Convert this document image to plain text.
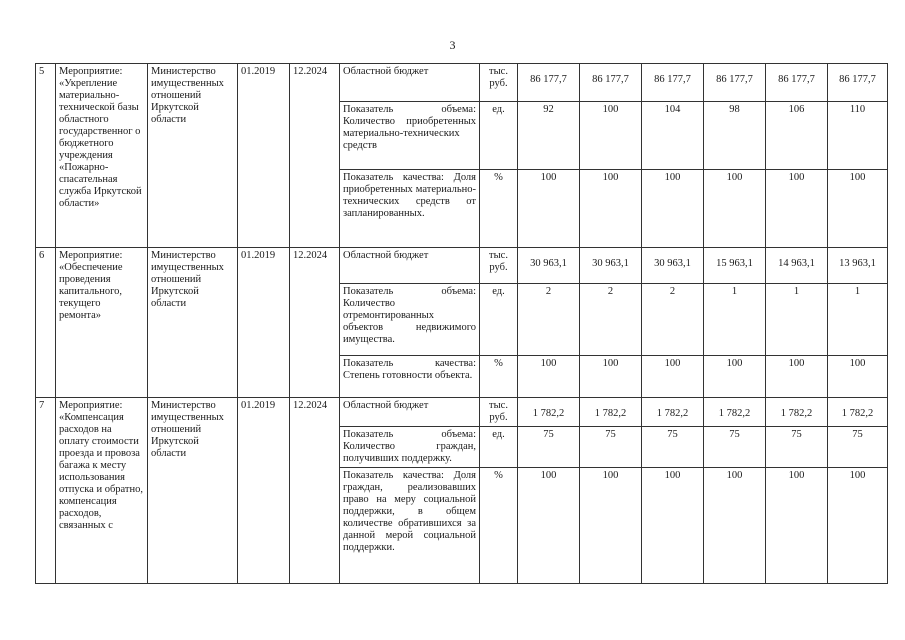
3
5	Мероприятие: «Укрепление материально-технической базы областного государственног о бюджетного учреждения «Пожарно-спасательная служба Иркутской области»	Министерство имущественных отношений Иркутской области	01.2019	12.2024	Областной бюджет	тыс. руб.	86 177,7	86 177,7	86 177,7	86 177,7	86 177,7	86 177,7
					Показатель объема: Количество приобретенных материально-технических средств	ед.	92	100	104	98	106	110
					Показатель качества: Доля приобретенных материально-технических средств от запланированных.	%	100	100	100	100	100	100
6	Мероприятие: «Обеспечение проведения капитального, текущего ремонта»	Министерство имущественных отношений Иркутской области	01.2019	12.2024	Областной бюджет	тыс. руб.	30 963,1	30 963,1	30 963,1	15 963,1	14 963,1	13 963,1
					Показатель объема: Количество отремонтированных объектов недвижимого имущества.	ед.	2	2	2	1	1	1
					Показатель качества: Степень готовности объекта.	%	100	100	100	100	100	100
7	Мероприятие: «Компенсация расходов на оплату стоимости проезда и провоза багажа к месту использования отпуска и обратно, компенсация расходов, связанных с	Министерство имущественных отношений Иркутской области	01.2019	12.2024	Областной бюджет	тыс. руб.	1 782,2	1 782,2	1 782,2	1 782,2	1 782,2	1 782,2
					Показатель объема: Количество граждан, получивших поддержку.	ед.	75	75	75	75	75	75
					Показатель качества: Доля граждан, реализовавших право на меру социальной поддержки, в общем количестве обратившихся за данной мерой социальной поддержки.	%	100	100	100	100	100	100
